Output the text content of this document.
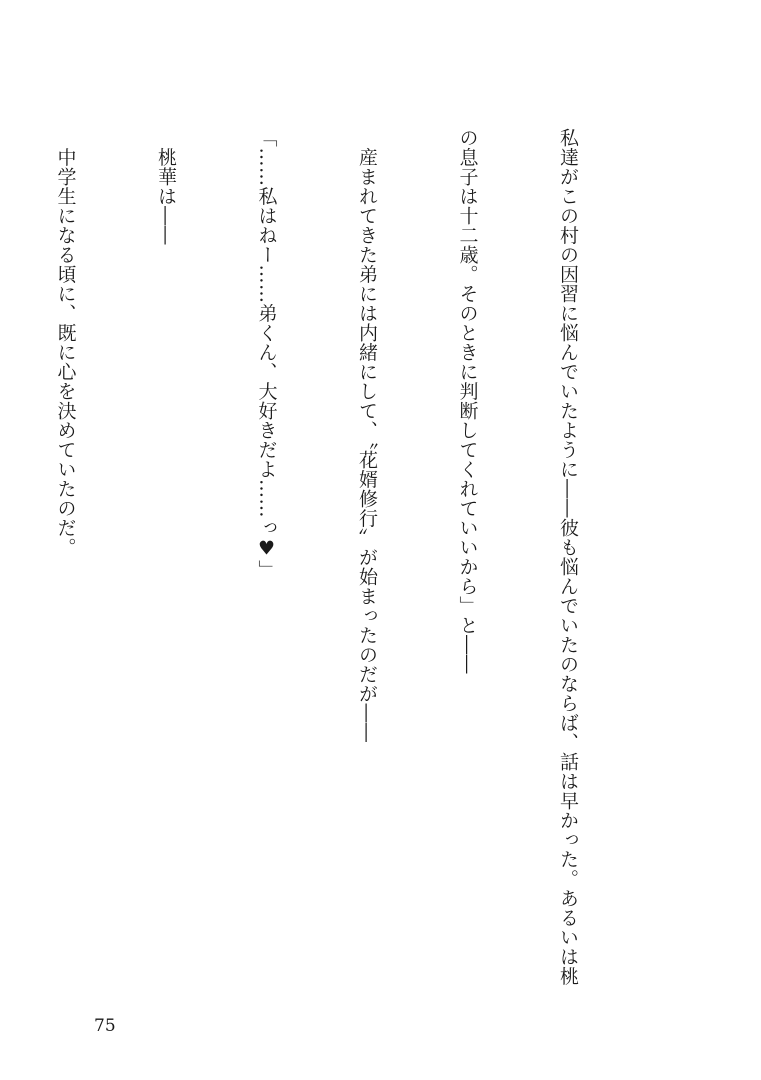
私達がこの村の因習に悩んでいたように――彼も悩んでいたのならば、話は早かった。あるいは桃

の息子は十二歳。そのときに判断してくれていいから」と――

　産まれてきた弟には内緒にして、〝花婿修行〟が始まったのだが――

「……私はねー……弟くん、大好きだよ……っ♥」

　桃華は――

　中学生になる頃に、既に心を決めていたのだ。

75
